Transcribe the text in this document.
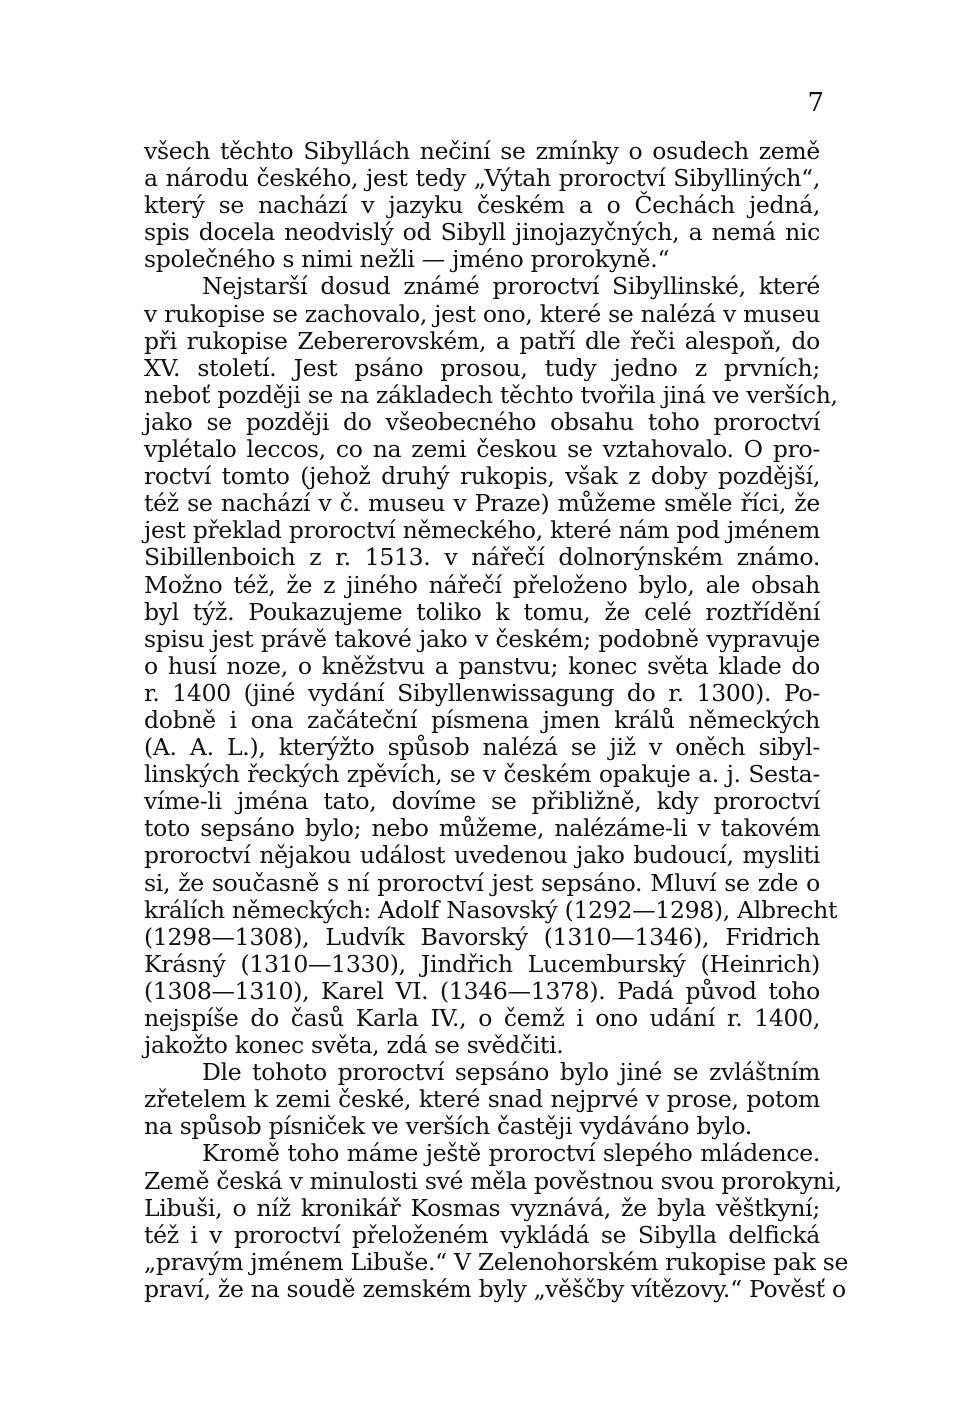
7
všech těchto Sibyllách nečiní se zmínky o osudech země
a národu českého, jest tedy „Výtah proroctví Sibylliných“,
který se nachází v jazyku českém a o Čechách jedná,
spis docela neodvislý od Sibyll jinojazyčných, a nemá nic
společného s nimi nežli — jméno prorokyně.“
Nejstarší dosud známé proroctví Sibyllinské, které
v rukopise se zachovalo, jest ono, které se nalézá v museu
při rukopise Zebererovském, a patří dle řeči alespoň, do
XV. století. Jest psáno prosou, tudy jedno z prvních;
neboť později se na základech těchto tvořila jiná ve verších,
jako se později do všeobecného obsahu toho proroctví
vplétalo leccos, co na zemi českou se vztahovalo. O pro-
roctví tomto (jehož druhý rukopis, však z doby pozdější,
též se nachází v č. museu v Praze) můžeme směle říci, že
jest překlad proroctví německého, které nám pod jménem
Sibillenboich z r. 1513. v nářečí dolnorýnském známo.
Možno též, že z jiného nářečí přeloženo bylo, ale obsah
byl týž. Poukazujeme toliko k tomu, že celé roztřídění
spisu jest právě takové jako v českém; podobně vypravuje
o husí noze, o kněžstvu a panstvu; konec světa klade do
r. 1400 (jiné vydání Sibyllenwissagung do r. 1300). Po-
dobně i ona začáteční písmena jmen králů německých
(A. A. L.), kterýžto spůsob nalézá se již v oněch sibyl-
linských řeckých zpěvích, se v českém opakuje a. j. Sesta-
víme-li jména tato, dovíme se přibližně, kdy proroctví
toto sepsáno bylo; nebo můžeme, nalézáme-li v takovém
proroctví nějakou událost uvedenou jako budoucí, mysliti
si, že současně s ní proroctví jest sepsáno. Mluví se zde o
králích německých: Adolf Nasovský (1292—1298), Albrecht
(1298—1308), Ludvík Bavorský (1310—1346), Fridrich
Krásný (1310—1330), Jindřich Lucemburský (Heinrich)
(1308—1310), Karel VI. (1346—1378). Padá původ toho
nejspíše do časů Karla IV., o čemž i ono udání r. 1400,
jakožto konec světa, zdá se svědčiti.
Dle tohoto proroctví sepsáno bylo jiné se zvláštním
zřetelem k zemi české, které snad nejprvé v prose, potom
na spůsob písniček ve verších častěji vydáváno bylo.
Kromě toho máme ještě proroctví slepého mládence.
Země česká v minulosti své měla pověstnou svou prorokyni,
Libuši, o níž kronikář Kosmas vyznává, že byla věštkyní;
též i v proroctví přeloženém vykládá se Sibylla delfická
„pravým jménem Libuše.“ V Zelenohorském rukopise pak se
praví, že na soudě zemském byly „věščby vítězovy.“ Pověsť o
